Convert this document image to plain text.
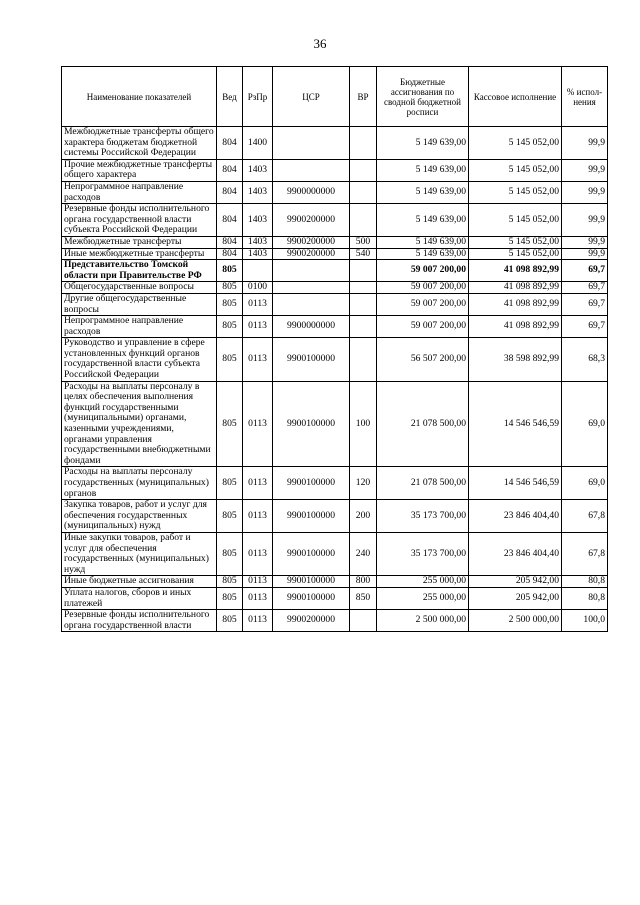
36
Наименование показателей	Вед	РзПр	ЦСР	ВР	Бюджетные ассигнования по сводной бюджетной росписи	Кассовое исполнение	% испол-нения
Межбюджетные трансферты общего характера бюджетам бюджетной системы Российской Федерации	804	1400			5 149 639,00	5 145 052,00	99,9
Прочие межбюджетные трансферты общего характера	804	1403			5 149 639,00	5 145 052,00	99,9
Непрограммное направление расходов	804	1403	9900000000		5 149 639,00	5 145 052,00	99,9
Резервные фонды исполнительного органа государственной власти субъекта Российской Федерации	804	1403	9900200000		5 149 639,00	5 145 052,00	99,9
Межбюджетные трансферты	804	1403	9900200000	500	5 149 639,00	5 145 052,00	99,9
Иные межбюджетные трансферты	804	1403	9900200000	540	5 149 639,00	5 145 052,00	99,9
Представительство Томской области при Правительстве РФ	805				59 007 200,00	41 098 892,99	69,7
Общегосударственные вопросы	805	0100			59 007 200,00	41 098 892,99	69,7
Другие общегосударственные вопросы	805	0113			59 007 200,00	41 098 892,99	69,7
Непрограммное направление расходов	805	0113	9900000000		59 007 200,00	41 098 892,99	69,7
Руководство и управление в сфере установленных функций органов государственной власти субъекта Российской Федерации	805	0113	9900100000		56 507 200,00	38 598 892,99	68,3
Расходы на выплаты персоналу в целях обеспечения выполнения функций государственными (муниципальными) органами, казенными учреждениями, органами управления государственными внебюджетными фондами	805	0113	9900100000	100	21 078 500,00	14 546 546,59	69,0
Расходы на выплаты персоналу государственных (муниципальных) органов	805	0113	9900100000	120	21 078 500,00	14 546 546,59	69,0
Закупка товаров, работ и услуг для обеспечения государственных (муниципальных) нужд	805	0113	9900100000	200	35 173 700,00	23 846 404,40	67,8
Иные закупки товаров, работ и услуг для обеспечения государственных (муниципальных) нужд	805	0113	9900100000	240	35 173 700,00	23 846 404,40	67,8
Иные бюджетные ассигнования	805	0113	9900100000	800	255 000,00	205 942,00	80,8
Уплата налогов, сборов и иных платежей	805	0113	9900100000	850	255 000,00	205 942,00	80,8
Резервные фонды исполнительного органа государственной власти	805	0113	9900200000		2 500 000,00	2 500 000,00	100,0
